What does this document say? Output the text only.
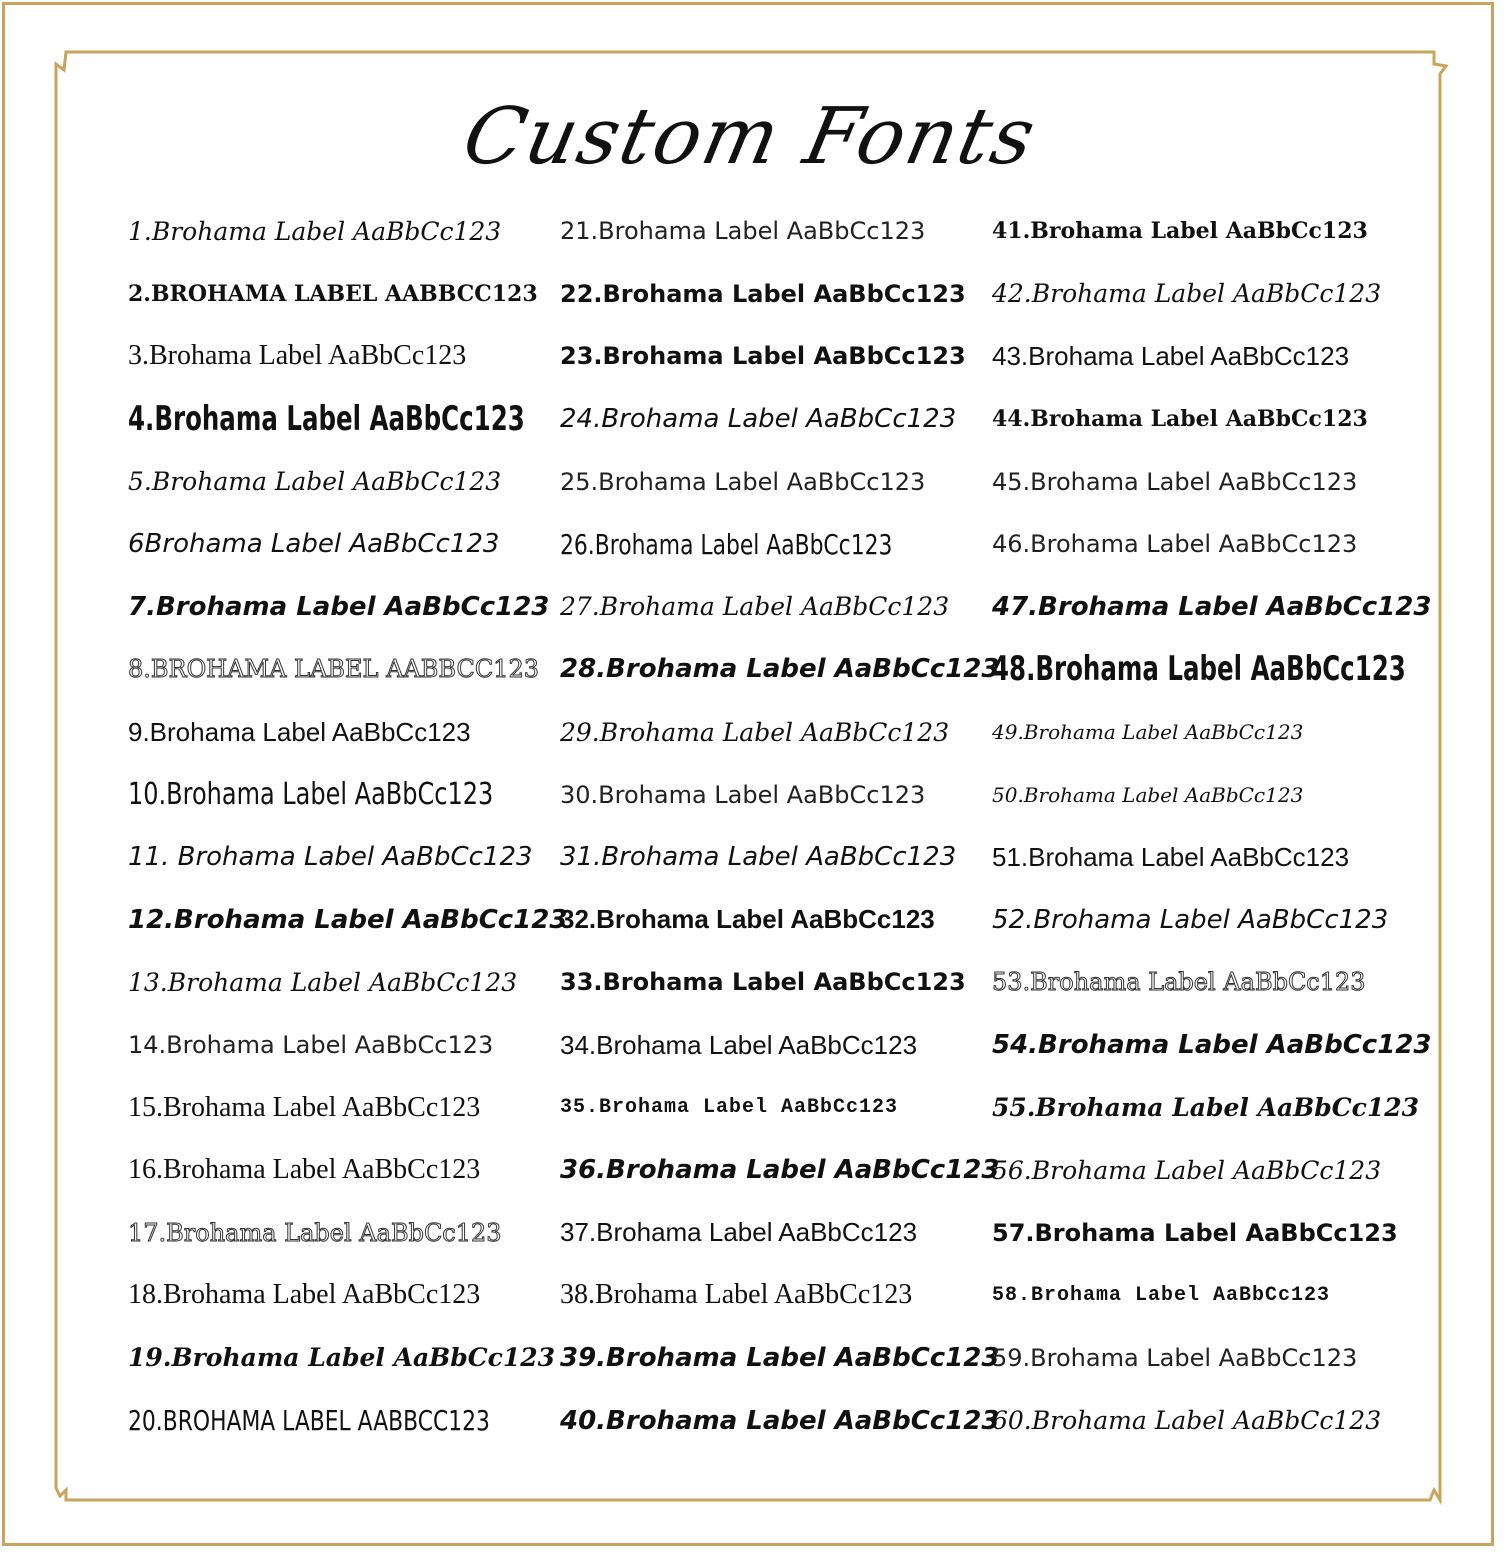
Custom Fonts
1.Brohama Label AaBbCc123
2.BROHAMA LABEL AABBCC123
3.Brohama Label AaBbCc123
4.Brohama Label AaBbCc123
5.Brohama Label AaBbCc123
6Brohama Label AaBbCc123
7.Brohama Label AaBbCc123
8.BROHAMA LABEL AABBCC123
9.Brohama Label AaBbCc123
10.Brohama Label AaBbCc123
11. Brohama Label AaBbCc123
12.Brohama Label AaBbCc123
13.Brohama Label AaBbCc123
14.Brohama Label AaBbCc123
15.Brohama Label AaBbCc123
16.Brohama Label AaBbCc123
17.Brohama Label AaBbCc123
18.Brohama Label AaBbCc123
19.Brohama Label AaBbCc123
20.BROHAMA LABEL AABBCC123
21.Brohama Label AaBbCc123
22.Brohama Label AaBbCc123
23.Brohama Label AaBbCc123
24.Brohama Label AaBbCc123
25.Brohama Label AaBbCc123
26.Brohama Label AaBbCc123
27.Brohama Label AaBbCc123
28.Brohama Label AaBbCc123
29.Brohama Label AaBbCc123
30.Brohama Label AaBbCc123
31.Brohama Label AaBbCc123
32.Brohama Label AaBbCc123
33.Brohama Label AaBbCc123
34.Brohama Label AaBbCc123
35.Brohama Label AaBbCc123
36.Brohama Label AaBbCc123
37.Brohama Label AaBbCc123
38.Brohama Label AaBbCc123
39.Brohama Label AaBbCc123
40.Brohama Label AaBbCc123
41.Brohama Label AaBbCc123
42.Brohama Label AaBbCc123
43.Brohama Label AaBbCc123
44.Brohama Label AaBbCc123
45.Brohama Label AaBbCc123
46.Brohama Label AaBbCc123
47.Brohama Label AaBbCc123
48.Brohama Label AaBbCc123
49.Brohama Label AaBbCc123
50.Brohama Label AaBbCc123
51.Brohama Label AaBbCc123
52.Brohama Label AaBbCc123
53.Brohama Label AaBbCc123
54.Brohama Label AaBbCc123
55.Brohama Label AaBbCc123
56.Brohama Label AaBbCc123
57.Brohama Label AaBbCc123
58.Brohama Label AaBbCc123
59.Brohama Label AaBbCc123
60.Brohama Label AaBbCc123
